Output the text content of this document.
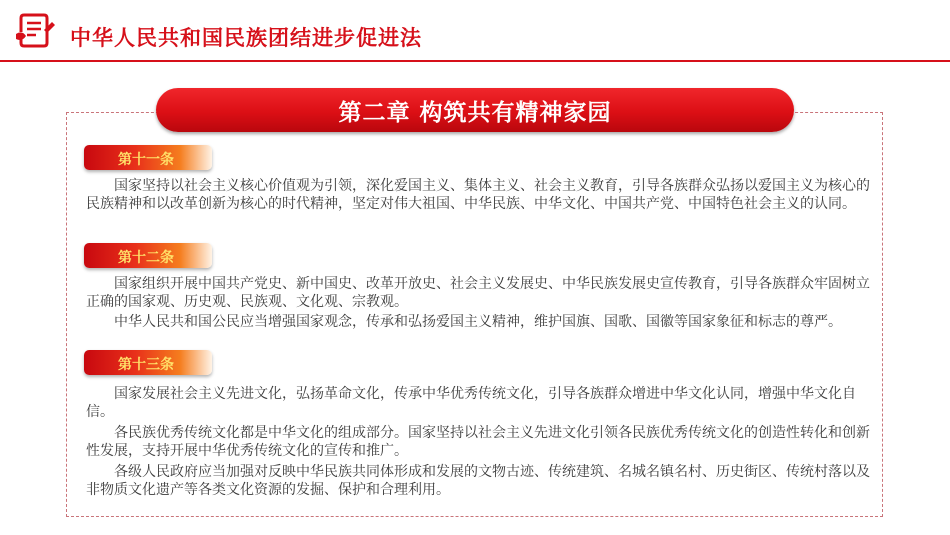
中华人民共和国民族团结进步促进法
第二章 构筑共有精神家园
第十一条

国家坚持以社会主义核心价值观为引领，深化爱国主义、集体主义、社会主义教育，引导各族群众弘扬以爱国主义为核心的民族精神和以改革创新为核心的时代精神，坚定对伟大祖国、中华民族、中华文化、中国共产党、中国特色社会主义的认同。

第十二条

国家组织开展中国共产党史、新中国史、改革开放史、社会主义发展史、中华民族发展史宣传教育，引导各族群众牢固树立正确的国家观、历史观、民族观、文化观、宗教观。

中华人民共和国公民应当增强国家观念，传承和弘扬爱国主义精神，维护国旗、国歌、国徽等国家象征和标志的尊严。

第十三条

国家发展社会主义先进文化，弘扬革命文化，传承中华优秀传统文化，引导各族群众增进中华文化认同，增强中华文化自信。

各民族优秀传统文化都是中华文化的组成部分。国家坚持以社会主义先进文化引领各民族优秀传统文化的创造性转化和创新性发展，支持开展中华优秀传统文化的宣传和推广。

各级人民政府应当加强对反映中华民族共同体形成和发展的文物古迹、传统建筑、名城名镇名村、历史街区、传统村落以及非物质文化遗产等各类文化资源的发掘、保护和合理利用。
